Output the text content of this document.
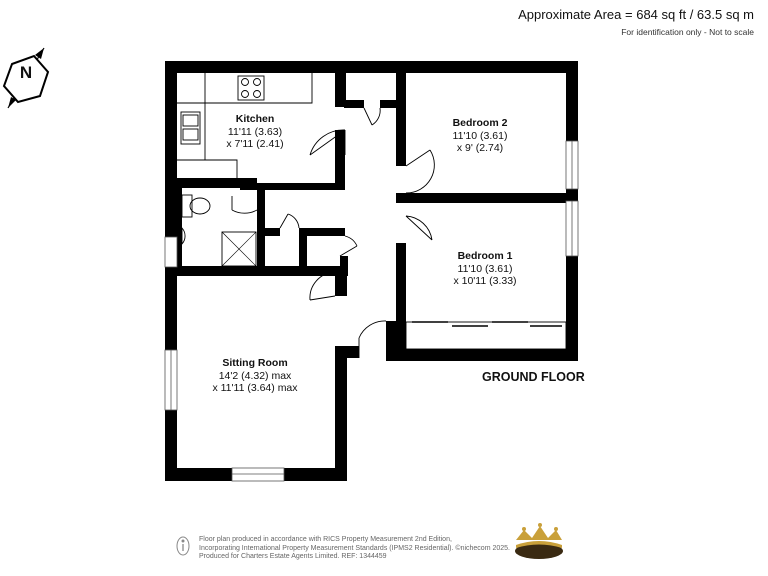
Approximate Area = 684 sq ft / 63.5 sq m
For identification only - Not to scale
N
Kitchen
11'11 (3.63)
x 7'11 (2.41)
Bedroom 2
11'10 (3.61)
x 9' (2.74)
Bedroom 1
11'10 (3.61)
x 10'11 (3.33)
Sitting Room
14'2 (4.32) max
x 11'11 (3.64) max
GROUND FLOOR
Floor plan produced in accordance with RICS Property Measurement 2nd Edition,
Incorporating International Property Measurement Standards (IPMS2 Residential). ©nichecom 2025.
Produced for Charters Estate Agents Limited. REF: 1344459
